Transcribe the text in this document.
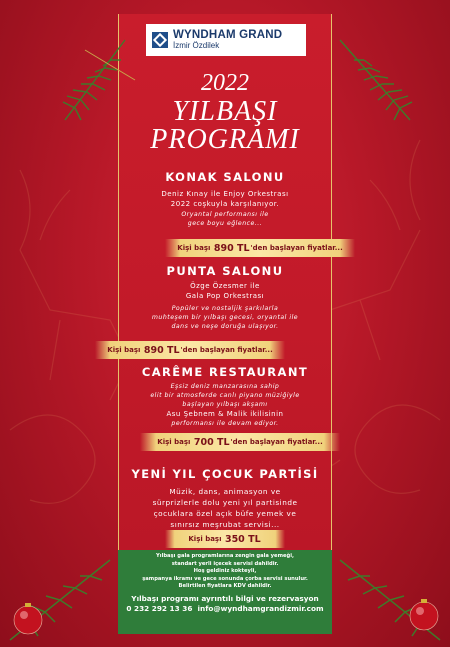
WYNDHAM GRAND
İzmir Özdilek
2022
YILBAŞI
PROGRAMI
KONAK SALONU
Deniz Kınay ile Enjoy Orkestrası
2022 coşkuyla karşılanıyor.
Oryantal performansı ile
gece boyu eğlence...
Kişi başı
890 TL 'den başlayan fiyatlar...
PUNTA SALONU
Özge Özesmer ile
Gala Pop Orkestrası
Popüler ve nostaljik şarkılarla
muhteşem bir yılbaşı gecesi, oryantal ile
dans ve neşe doruğa ulaşıyor.
Kişi başı
890 TL 'den başlayan fiyatlar...
CARÊME RESTAURANT
Eşsiz deniz manzarasına sahip
elit bir atmosferde canlı piyano müziğiyle
başlayan yılbaşı akşamı
Asu Şebnem & Malik ikilisinin
performansı ile devam ediyor.
Kişi başı
700 TL 'den başlayan fiyatlar...
YENİ YIL ÇOCUK PARTİSİ
Müzik, dans, animasyon ve
sürprizlerle dolu yeni yıl partisinde
çocuklara özel açık büfe yemek ve
sınırsız meşrubat servisi...
Kişi başı
350 TL
Yılbaşı gala programlarına zengin gala yemeği,
standart yerli içecek servisi dahildir.
Hoş geldiniz kokteyli,
şampanya ikramı ve gece sonunda çorba servisi sunulur.
Belirtilen fiyatlara KDV dahildir.
Yılbaşı programı ayrıntılı bilgi ve rezervasyon
0 232 292 13 36 info@wyndhamgrandizmir.com
